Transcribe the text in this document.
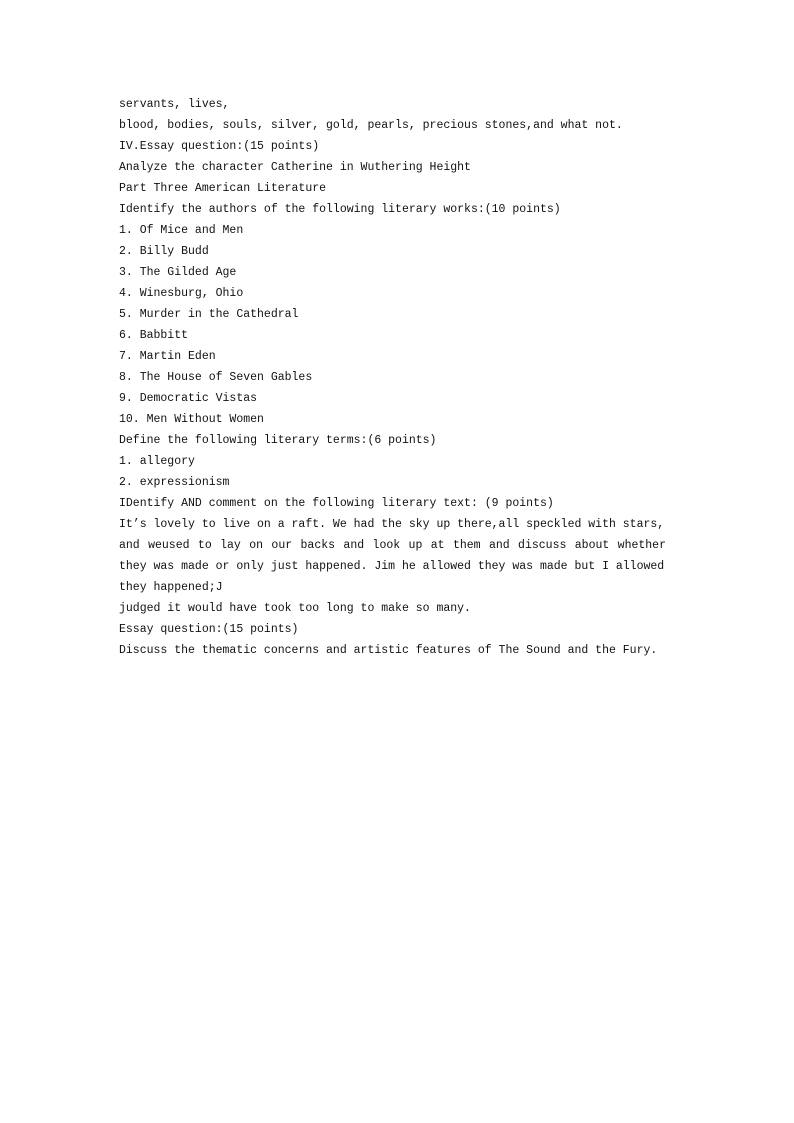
servants, lives,
blood, bodies, souls, silver, gold, pearls, precious stones,and what not.
IV.Essay question:(15 points)
Analyze the character Catherine in Wuthering Height
Part Three American Literature
Identify the authors of the following literary works:(10 points)
1. Of Mice and Men
2. Billy Budd
3. The Gilded Age
4. Winesburg, Ohio
5. Murder in the Cathedral
6. Babbitt
7. Martin Eden
8. The House of Seven Gables
9. Democratic Vistas
10. Men Without Women
Define the following literary terms:(6 points)
1. allegory
2. expressionism
IDentify AND comment on the following literary text: (9 points)
It’s lovely to live on a raft. We had the sky up there,all speckled with stars,
and weused to lay on our backs and look up at them and discuss about whether
they was made or only just happened. Jim he allowed they was made but I allowed
they happened;J
judged it would have took too long to make so many.
Essay question:(15 points)
Discuss the thematic concerns and artistic features of The Sound and the Fury.
